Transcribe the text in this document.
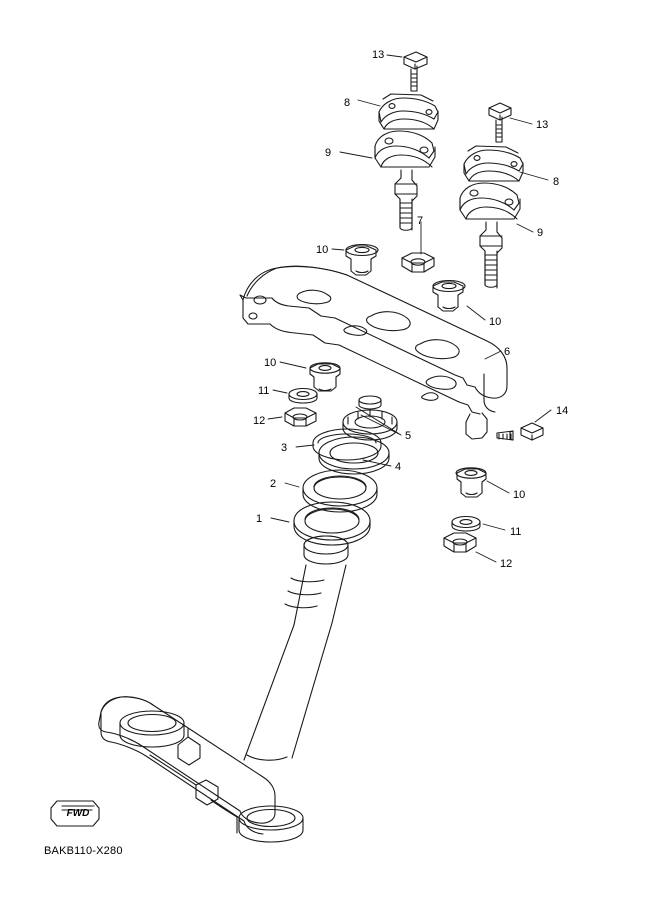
13
8
13
9
8
7
9
10
10
6
10
11
14
12
5
3
4
2
10
1
11
12
FWD
BAKB110-X280
